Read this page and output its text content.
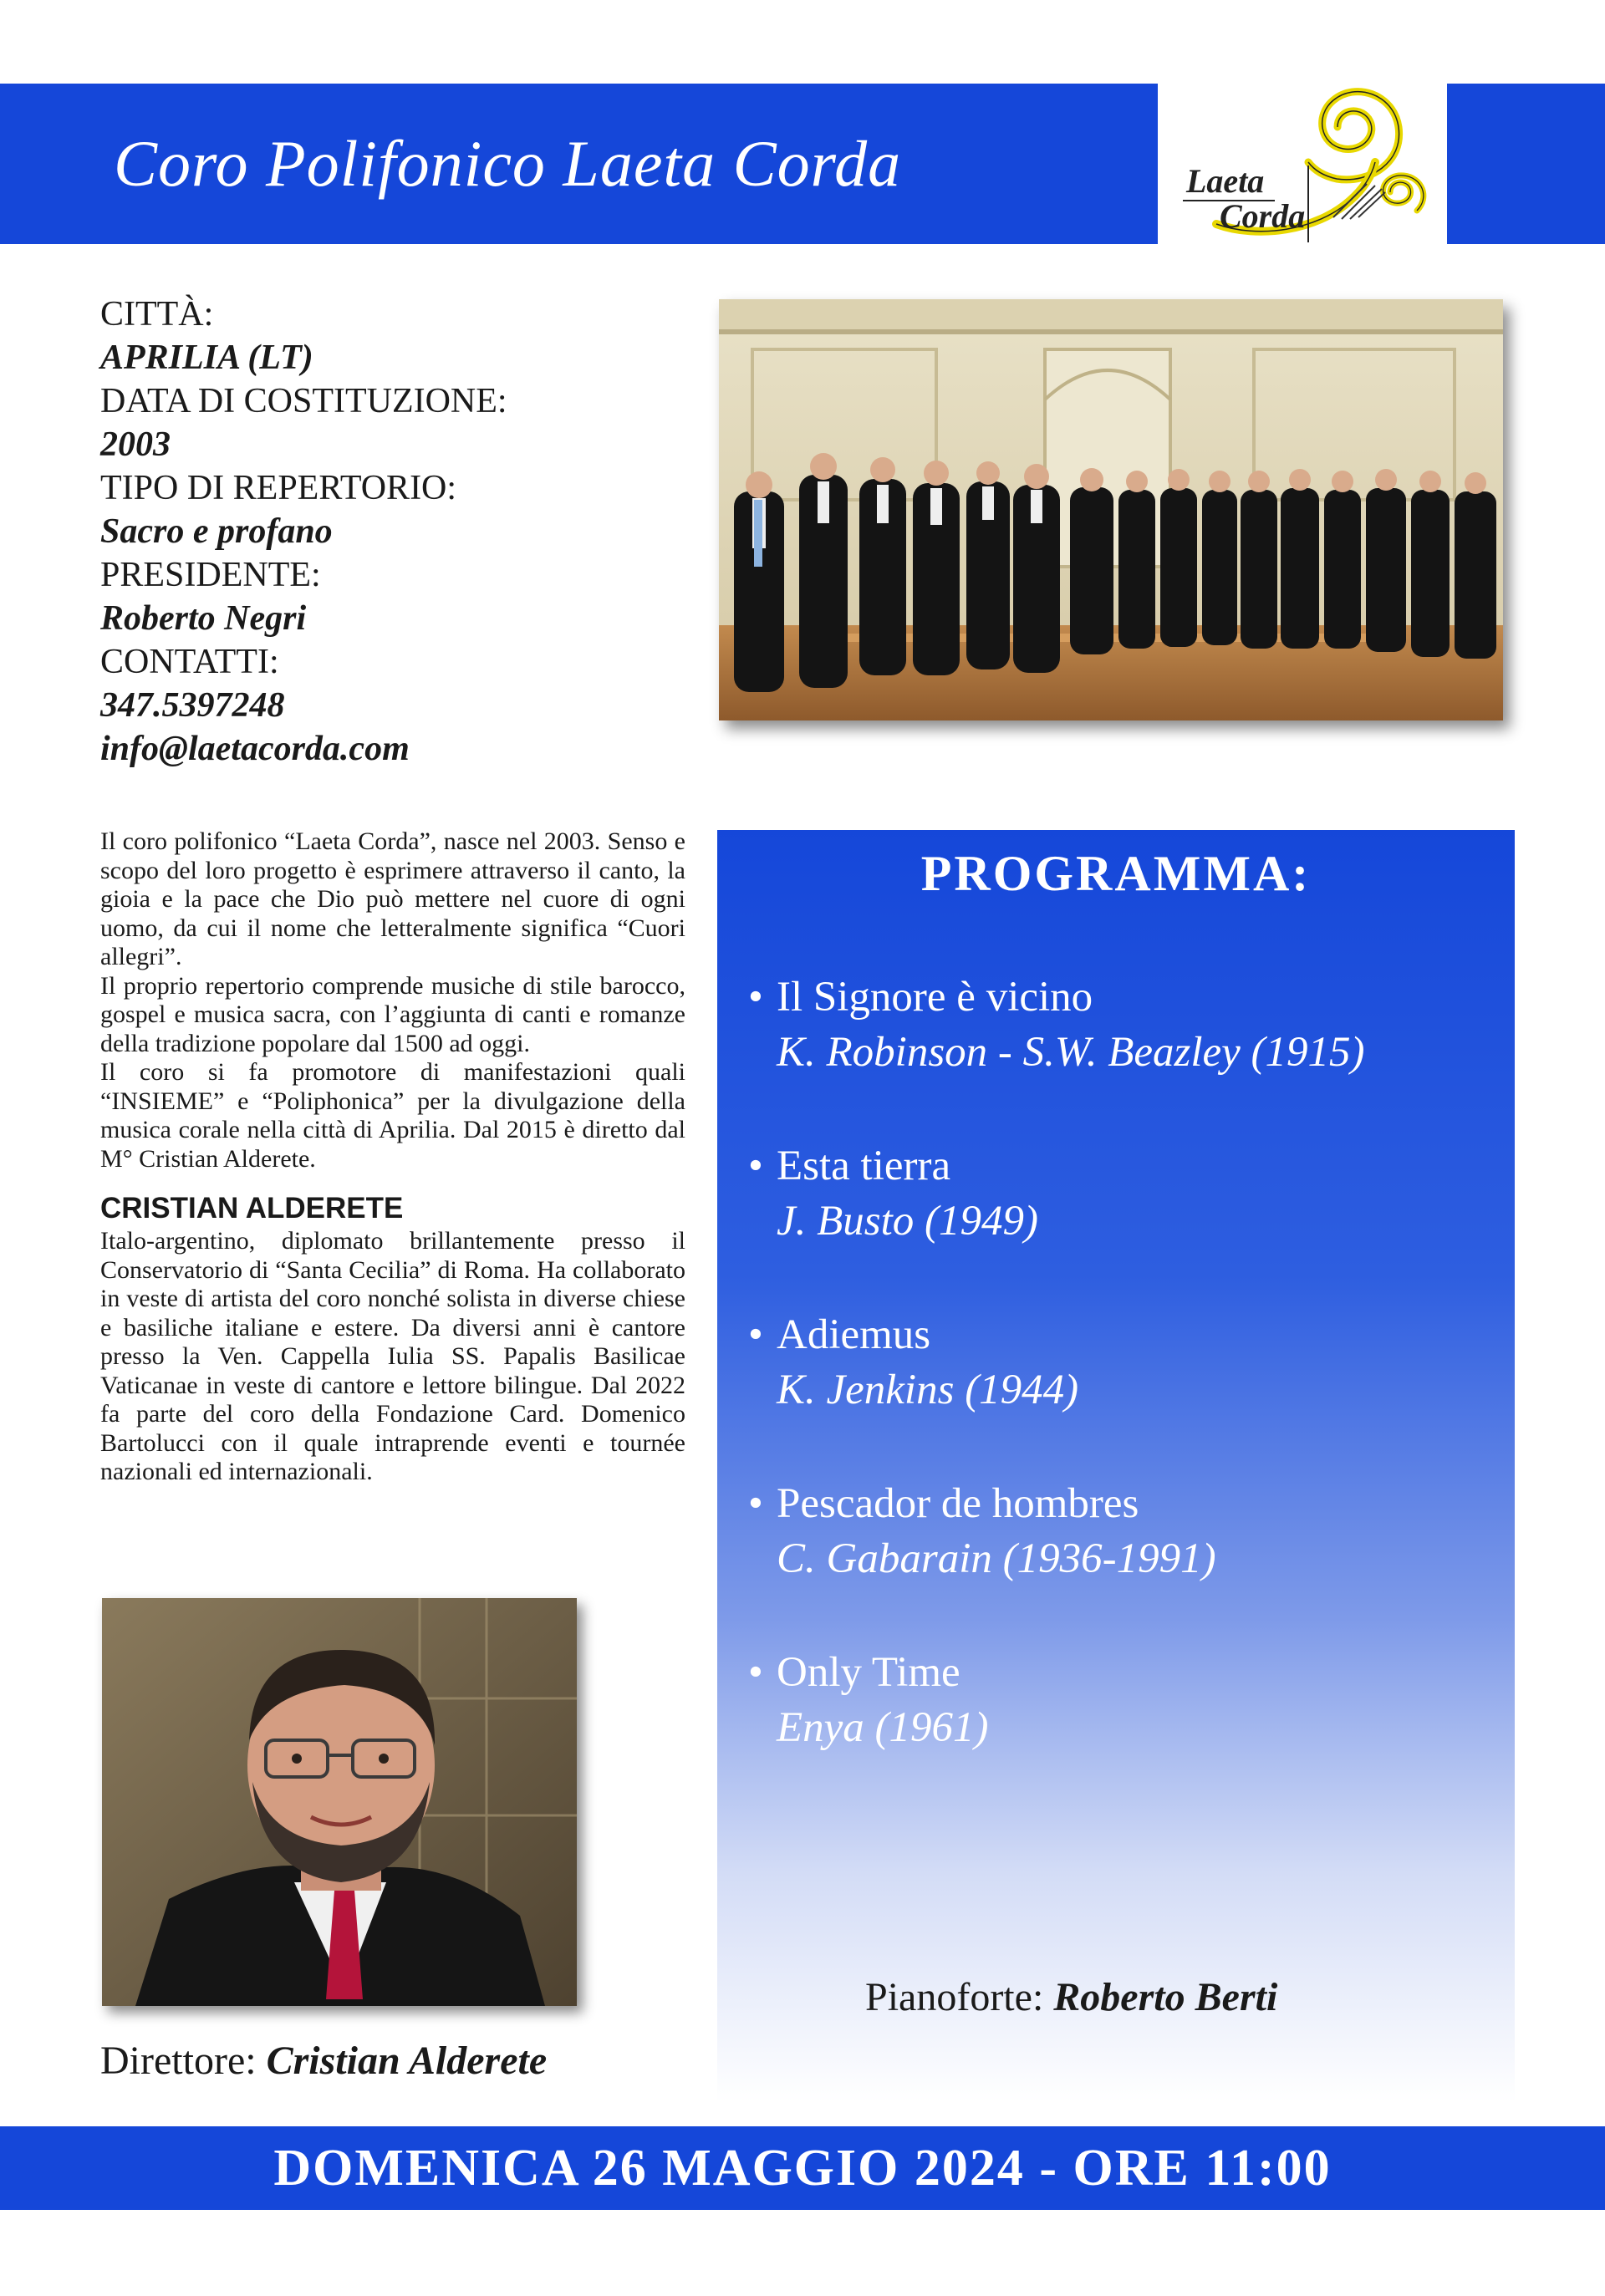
Coro Polifonico Laeta Corda	Laeta
Corda
CITTÀ:
APRILIA (LT)
DATA DI COSTITUZIONE:
2003
TIPO DI REPERTORIO:
Sacro e profano
PRESIDENTE:
Roberto Negri
CONTATTI:
347.5397248
info@laetacorda.com

Il coro polifonico “Laeta Corda”, nasce nel 2003. Senso e scopo del loro progetto è esprimere attraverso il canto, la gioia e la pace che Dio può mettere nel cuore di ogni uomo, da cui il nome che letteralmente significa “Cuori allegri”.

Il proprio repertorio comprende musiche di stile barocco, gospel e musica sacra, con l’aggiunta di canti e romanze della tradizione popolare dal 1500 ad oggi.

Il coro si fa promotore di manifestazioni quali “INSIEME” e “Poliphonica” per la divulgazione della musica corale nella città di Aprilia. Dal 2015 è diretto dal M° Cristian Alderete.

CRISTIAN ALDERETE

Italo-argentino, diplomato brillantemente presso il Conservatorio di “Santa Cecilia” di Roma. Ha collaborato in veste di artista del coro nonché solista in diverse chiese e basiliche italiane e estere. Da diversi anni è cantore presso la Ven. Cappella Iulia SS. Papalis Basilicae Vaticanae in veste di cantore e lettore bilingue. Dal 2022 fa parte del coro della Fondazione Card. Domenico Bartolucci con il quale intraprende eventi e tournée nazionali ed internazionali.

Direttore: Cristian Alderete
PROGRAMMA:
• Il Signore è vicino
K. Robinson - S.W. Beazley (1915)
• Esta tierra
J. Busto (1949)
• Adiemus
K. Jenkins (1944)
• Pescador de hombres
C. Gabarain (1936-1991)
• Only Time
Enya (1961)
Pianoforte: Roberto Berti
DOMENICA 26 MAGGIO 2024 - ORE 11:00
